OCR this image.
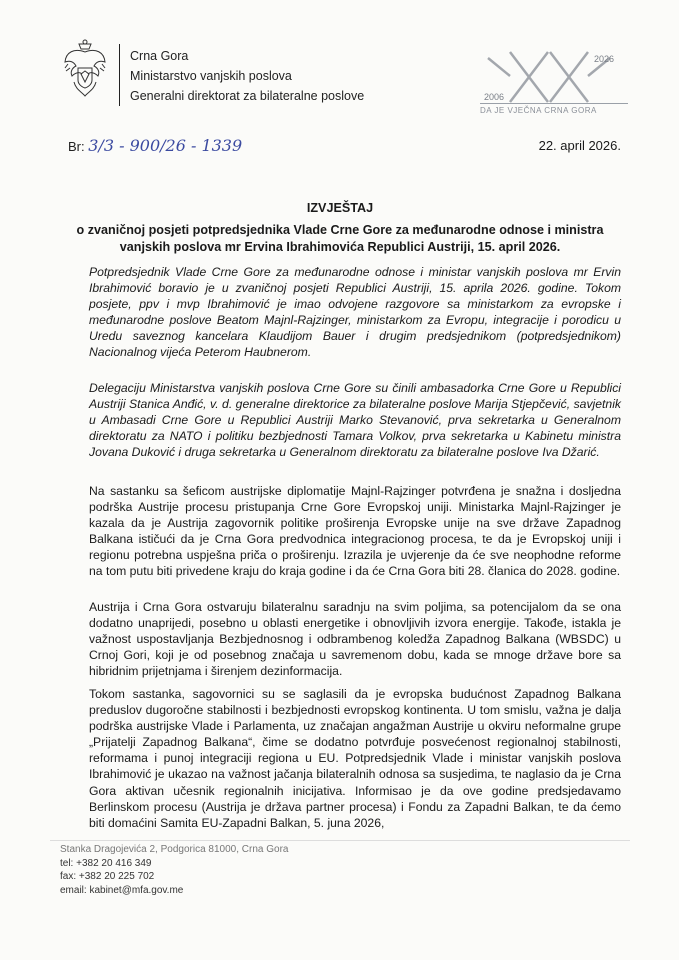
Crna Gora
Ministarstvo vanjskih poslova
Generalni direktorat za bilateralne poslove	2006
2026
DA JE VJEČNA CRNA GORA
Br: 3/3 - 900/26 - 1339	22. april 2026.
IZVJEŠTAJ
o zvaničnoj posjeti potpredsjednika Vlade Crne Gore za međunarodne odnose i ministra vanjskih poslova mr Ervina Ibrahimovića Republici Austriji, 15. april 2026.
Potpredsjednik Vlade Crne Gore za međunarodne odnose i ministar vanjskih poslova mr Ervin Ibrahimović boravio je u zvaničnoj posjeti Republici Austriji, 15. aprila 2026. godine. Tokom posjete, ppv i mvp Ibrahimović je imao odvojene razgovore sa ministarkom za evropske i međunarodne poslove Beatom Majnl-Rajzinger, ministarkom za Evropu, integracije i porodicu u Uredu saveznog kancelara Klaudijom Bauer i drugim predsjednikom (potpredsjednikom) Nacionalnog vijeća Peterom Haubnerom.
Delegaciju Ministarstva vanjskih poslova Crne Gore su činili ambasadorka Crne Gore u Republici Austriji Stanica Anđić, v. d. generalne direktorice za bilateralne poslove Marija Stjepčević, savjetnik u Ambasadi Crne Gore u Republici Austriji Marko Stevanović, prva sekretarka u Generalnom direktoratu za NATO i politiku bezbjednosti Tamara Volkov, prva sekretarka u Kabinetu ministra Jovana Duković i druga sekretarka u Generalnom direktoratu za bilateralne poslove Iva Džarić.
Na sastanku sa šeficom austrijske diplomatije Majnl-Rajzinger potvrđena je snažna i dosljedna podrška Austrije procesu pristupanja Crne Gore Evropskoj uniji. Ministarka Majnl-Rajzinger je kazala da je Austrija zagovornik politike proširenja Evropske unije na sve države Zapadnog Balkana ističući da je Crna Gora predvodnica integracionog procesa, te da je Evropskoj uniji i regionu potrebna uspješna priča o proširenju. Izrazila je uvjerenje da će sve neophodne reforme na tom putu biti privedene kraju do kraja godine i da će Crna Gora biti 28. članica do 2028. godine.
Austrija i Crna Gora ostvaruju bilateralnu saradnju na svim poljima, sa potencijalom da se ona dodatno unaprijedi, posebno u oblasti energetike i obnovljivih izvora energije. Takođe, istakla je važnost uspostavljanja Bezbjednosnog i odbrambenog koledža Zapadnog Balkana (WBSDC) u Crnoj Gori, koji je od posebnog značaja u savremenom dobu, kada se mnoge države bore sa hibridnim prijetnjama i širenjem dezinformacija.
Tokom sastanka, sagovornici su se saglasili da je evropska budućnost Zapadnog Balkana preduslov dugoročne stabilnosti i bezbjednosti evropskog kontinenta. U tom smislu, važna je dalja podrška austrijske Vlade i Parlamenta, uz značajan angažman Austrije u okviru neformalne grupe „Prijatelji Zapadnog Balkana“, čime se dodatno potvrđuje posvećenost regionalnoj stabilnosti, reformama i punoj integraciji regiona u EU. Potpredsjednik Vlade i ministar vanjskih poslova Ibrahimović je ukazao na važnost jačanja bilateralnih odnosa sa susjedima, te naglasio da je Crna Gora aktivan učesnik regionalnih inicijativa. Informisao je da ove godine predsjedavamo Berlinskom procesu (Austrija je država partner procesa) i Fondu za Zapadni Balkan, te da ćemo biti domaćini Samita EU-Zapadni Balkan, 5. juna 2026,
Stanka Dragojevića 2, Podgorica 81000, Crna Gora
tel: +382 20 416 349
fax: +382 20 225 702
email: kabinet@mfa.gov.me
